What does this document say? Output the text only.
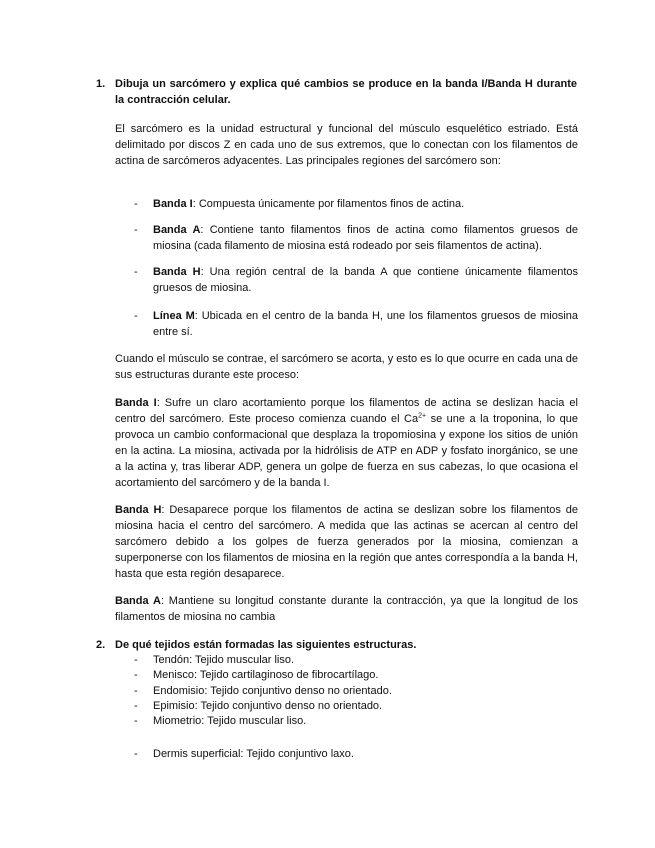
1. Dibuja un sarcómero y explica qué cambios se produce en la banda I/Banda H durante la contracción celular.

El sarcómero es la unidad estructural y funcional del músculo esquelético estriado. Está delimitado por discos Z en cada uno de sus extremos, que lo conectan con los filamentos de actina de sarcómeros adyacentes. Las principales regiones del sarcómero son:

- Banda I: Compuesta únicamente por filamentos finos de actina.
- Banda A: Contiene tanto filamentos finos de actina como filamentos gruesos de miosina (cada filamento de miosina está rodeado por seis filamentos de actina).
- Banda H: Una región central de la banda A que contiene únicamente filamentos gruesos de miosina.
- Línea M: Ubicada en el centro de la banda H, une los filamentos gruesos de miosina entre sí.

Cuando el músculo se contrae, el sarcómero se acorta, y esto es lo que ocurre en cada una de sus estructuras durante este proceso:

Banda I: Sufre un claro acortamiento porque los filamentos de actina se deslizan hacia el centro del sarcómero. Este proceso comienza cuando el $Ca^{2+}$ se une a la troponina, lo que provoca un cambio conformacional que desplaza la tropomiosina y expone los sitios de unión en la actina. La miosina, activada por la hidrólisis de ATP en ADP y fosfato inorgánico, se une a la actina y, tras liberar ADP, genera un golpe de fuerza en sus cabezas, lo que ocasiona el acortamiento del sarcómero y de la banda I.

Banda H: Desaparece porque los filamentos de actina se deslizan sobre los filamentos de miosina hacia el centro del sarcómero. A medida que las actinas se acercan al centro del sarcómero debido a los golpes de fuerza generados por la miosina, comienzan a superponerse con los filamentos de miosina en la región que antes correspondía a la banda H, hasta que esta región desaparece.

Banda A: Mantiene su longitud constante durante la contracción, ya que la longitud de los filamentos de miosina no cambia

2. De qué tejidos están formadas las siguientes estructuras.
- Tendón: Tejido muscular liso.
- Menisco: Tejido cartilaginoso de fibrocartílago.
- Endomisio: Tejido conjuntivo denso no orientado.
- Epimisio: Tejido conjuntivo denso no orientado.
- Miometrio: Tejido muscular liso.
- Dermis superficial: Tejido conjuntivo laxo.
